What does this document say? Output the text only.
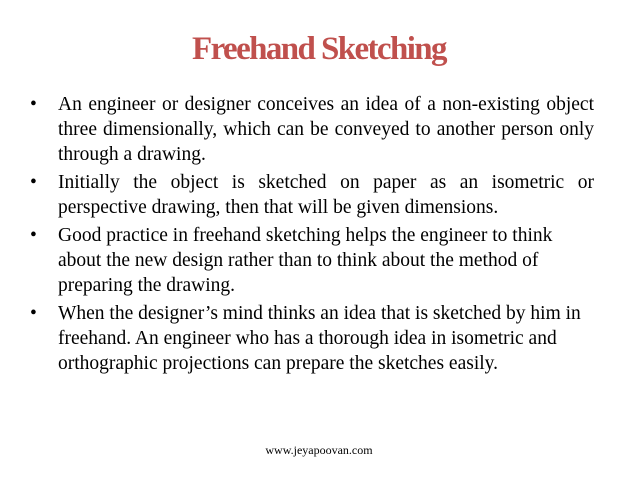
Freehand Sketching
• An engineer or designer conceives an idea of a non-existing object three dimensionally, which can be conveyed to another person only through a drawing.
• Initially the object is sketched on paper as an isometric or perspective drawing, then that will be given dimensions.
• Good practice in freehand sketching helps the engineer to think about the new design rather than to think about the method of preparing the drawing.
• When the designer’s mind thinks an idea that is sketched by him in freehand. An engineer who has a thorough idea in isometric and orthographic projections can prepare the sketches easily.
www.jeyapoovan.com
